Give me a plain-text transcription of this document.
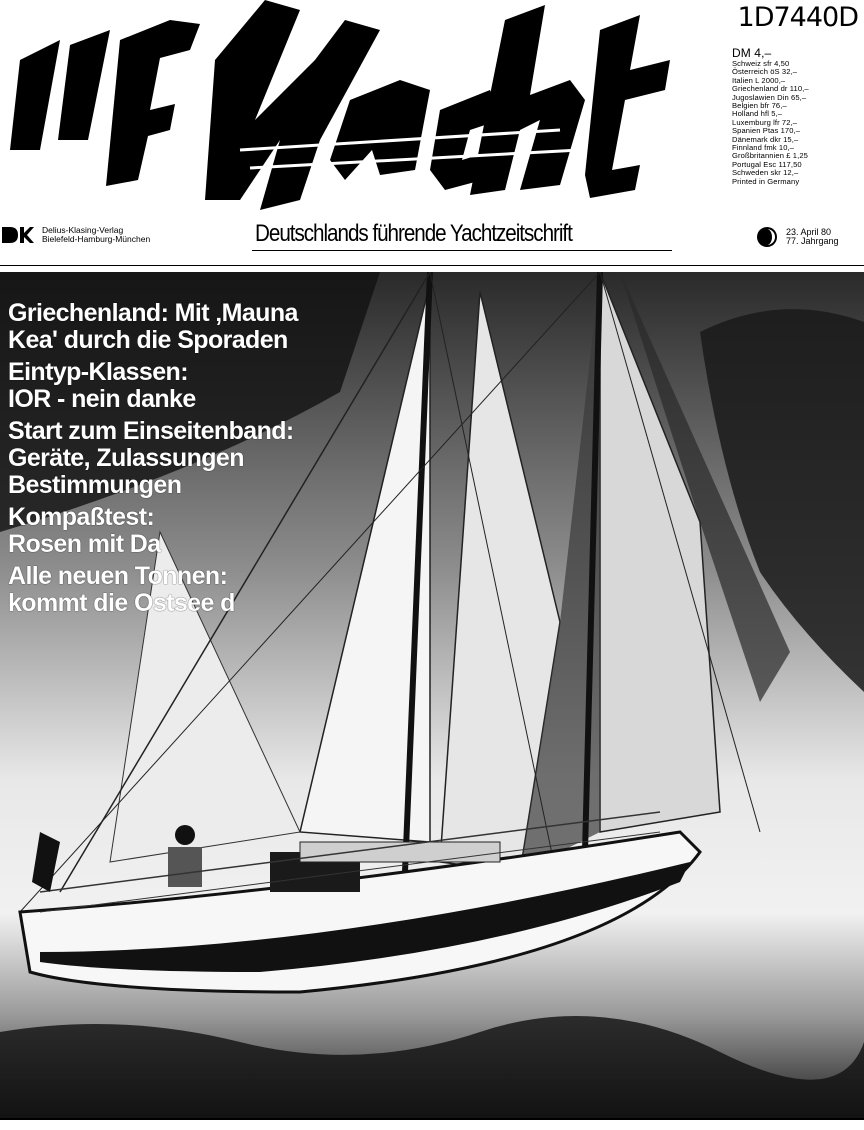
1D7440D
DM 4,–
Schweiz sfr 4,50
Österreich öS 32,–
Italien L 2000,–
Griechenland dr 110,–
Jugoslawien Din 65,–
Belgien bfr 76,–
Holland hfl 5,–
Luxemburg lfr 72,–
Spanien Ptas 170,–
Dänemark dkr 15,–
Finnland fmk 10,–
Großbritannien £ 1,25
Portugal Esc 117,50
Schweden skr 12,–
Printed in Germany
Delius-Klasing-Verlag
Bielefeld-Hamburg-München	Deutschlands führende Yachtzeitschrift	23. April 80
77. Jahrgang
Griechenland: Mit ‚Mauna
Kea' durch die Sporaden
Eintyp-Klassen:
IOR - nein danke
Start zum Einseitenband:
Geräte, Zulassungen
Bestimmungen
Kompaßtest:
Rosen mit Da
Alle neuen Tonnen:
kommt die Ostsee d
